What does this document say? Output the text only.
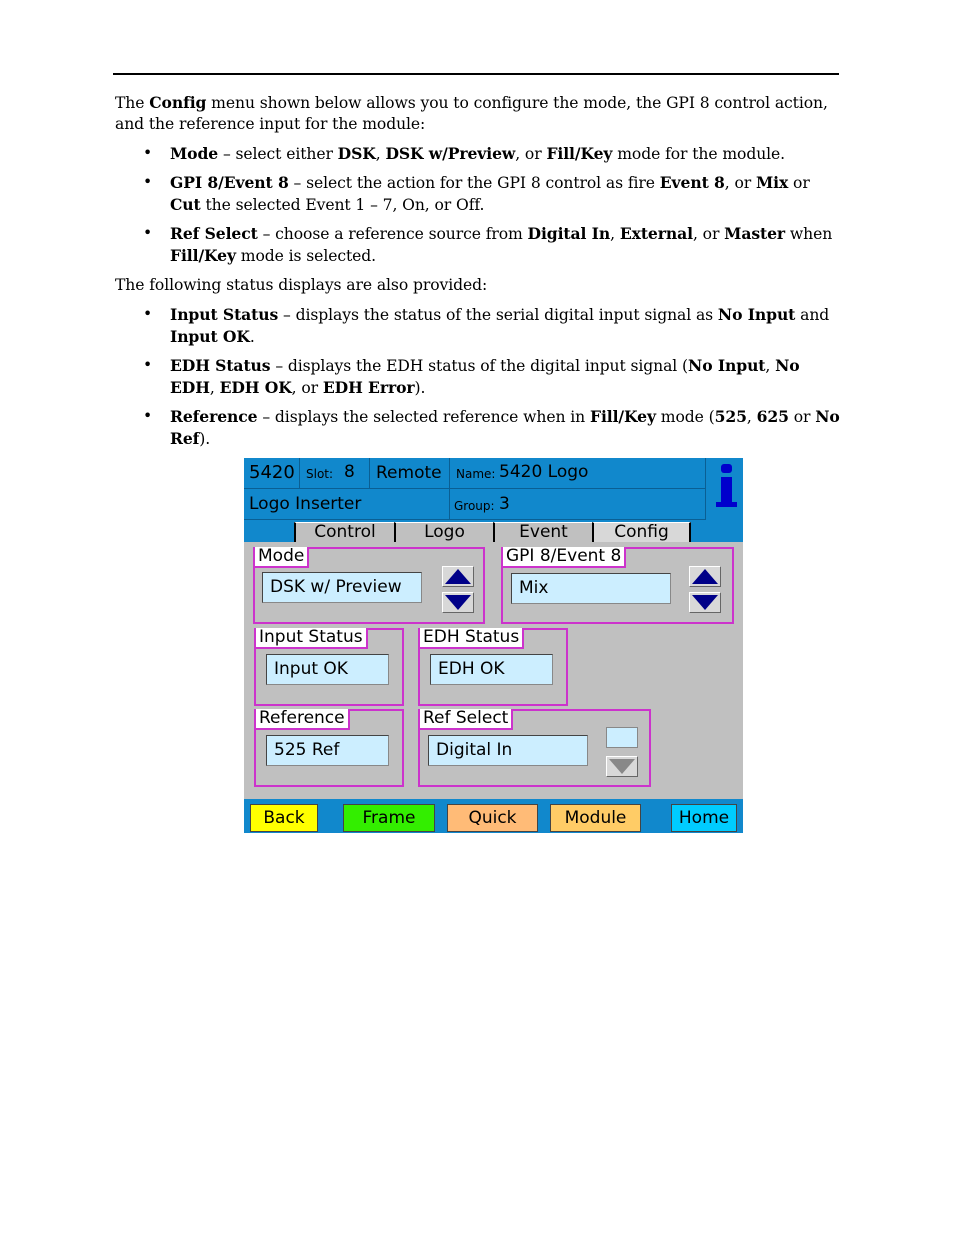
The Config menu shown below allows you to configure the mode, the GPI 8 control action, and the reference input for the module:

• Mode – select either DSK, DSK w/Preview, or Fill/Key mode for the module.
• GPI 8/Event 8 – select the action for the GPI 8 control as fire Event 8, or Mix or Cut the selected Event 1 – 7, On, or Off.
• Ref Select – choose a reference source from Digital In, External, or Master when Fill/Key mode is selected.

The following status displays are also provided:

• Input Status – displays the status of the serial digital input signal as No Input and Input OK.
• EDH Status – displays the EDH status of the digital input signal (No Input, No EDH, EDH OK, or EDH Error).
• Reference – displays the selected reference when in Fill/Key mode (525, 625 or No Ref).
5420 Slot: 8 Remote Name: 5420 Logo
Logo Inserter	Group: 3
Control	Logo	Event	Config
Mode
DSK w/ Preview
GPI 8/Event 8
Mix
Input Status
Input OK
EDH Status
EDH OK
Reference
525 Ref
Ref Select
Digital In
Back	Frame	Quick	Module	Home
